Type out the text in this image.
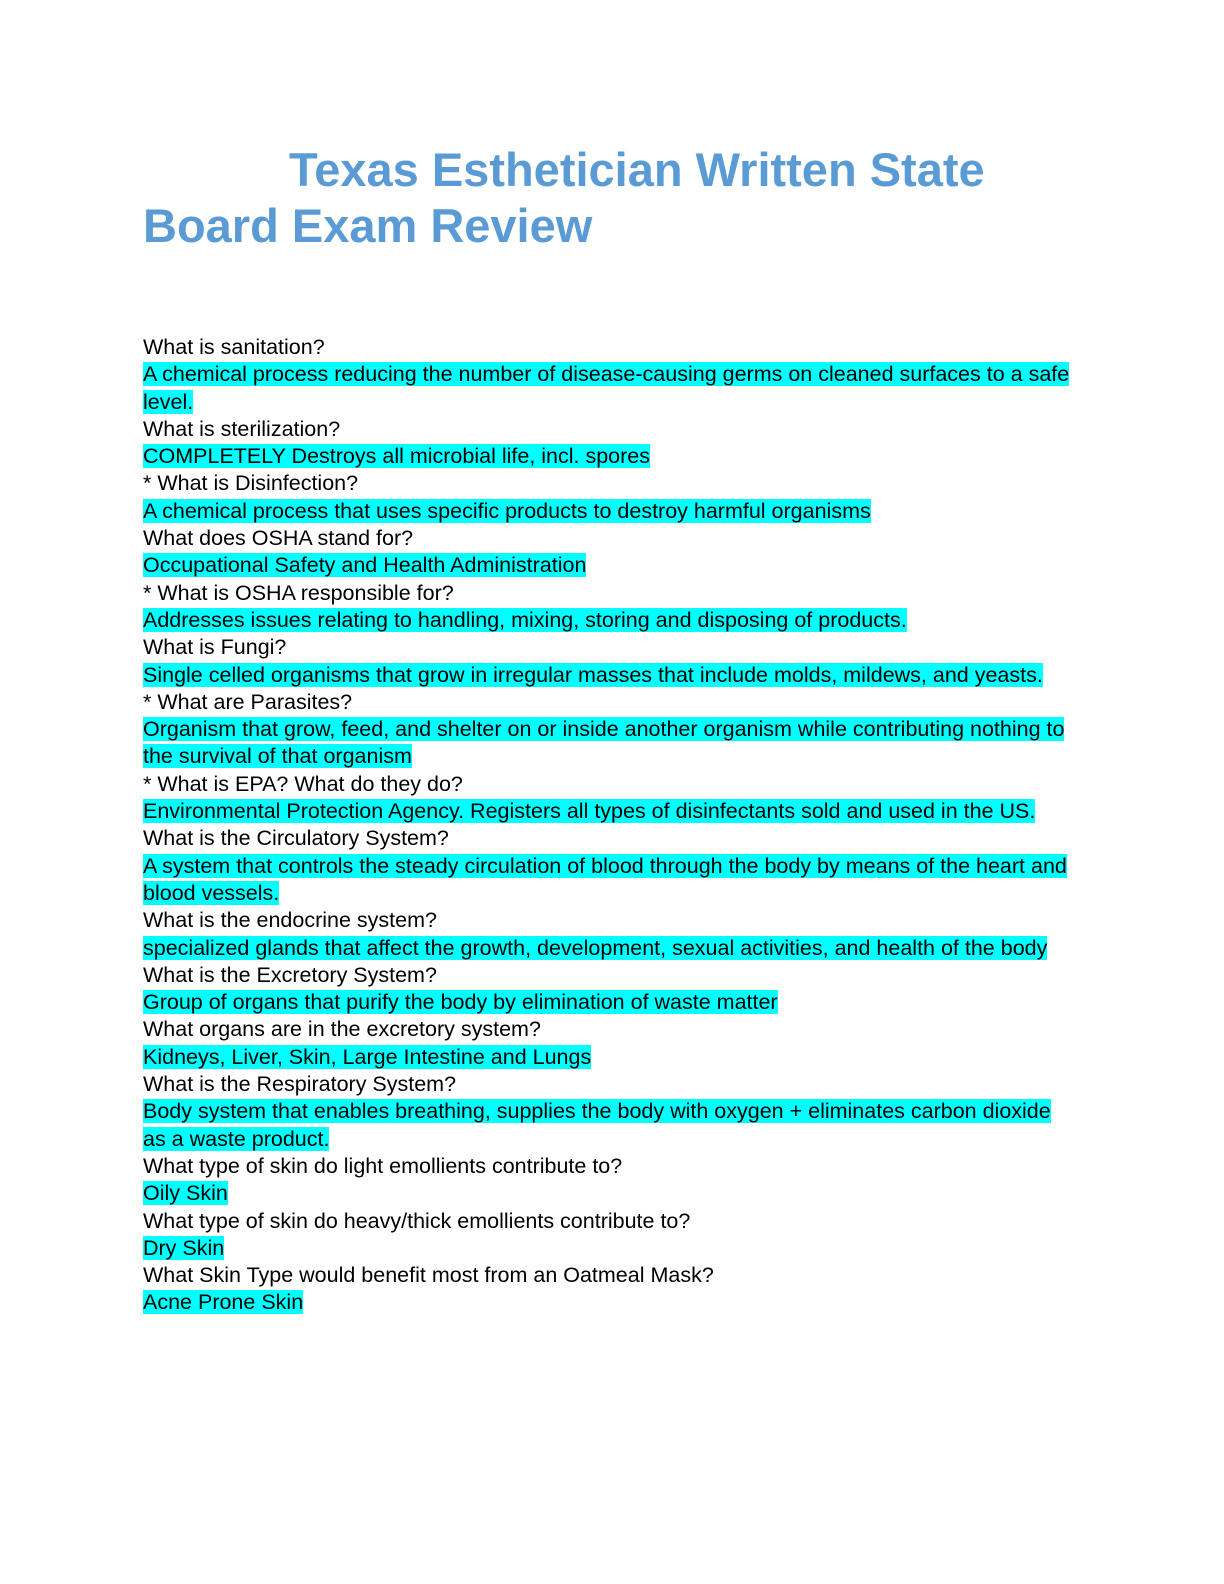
Texas Esthetician Written State Board Exam Review

What is sanitation?

A chemical process reducing the number of disease-causing germs on cleaned surfaces to a safe level.

What is sterilization?

COMPLETELY Destroys all microbial life, incl. spores

* What is Disinfection?

A chemical process that uses specific products to destroy harmful organisms

What does OSHA stand for?

Occupational Safety and Health Administration

* What is OSHA responsible for?

Addresses issues relating to handling, mixing, storing and disposing of products.

What is Fungi?

Single celled organisms that grow in irregular masses that include molds, mildews, and yeasts.

* What are Parasites?

Organism that grow, feed, and shelter on or inside another organism while contributing nothing to the survival of that organism

* What is EPA? What do they do?

Environmental Protection Agency. Registers all types of disinfectants sold and used in the US.

What is the Circulatory System?

A system that controls the steady circulation of blood through the body by means of the heart and blood vessels.

What is the endocrine system?

specialized glands that affect the growth, development, sexual activities, and health of the body

What is the Excretory System?

Group of organs that purify the body by elimination of waste matter

What organs are in the excretory system?

Kidneys, Liver, Skin, Large Intestine and Lungs

What is the Respiratory System?

Body system that enables breathing, supplies the body with oxygen + eliminates carbon dioxide as a waste product.

What type of skin do light emollients contribute to?

Oily Skin

What type of skin do heavy/thick emollients contribute to?

Dry Skin

What Skin Type would benefit most from an Oatmeal Mask?

Acne Prone Skin
